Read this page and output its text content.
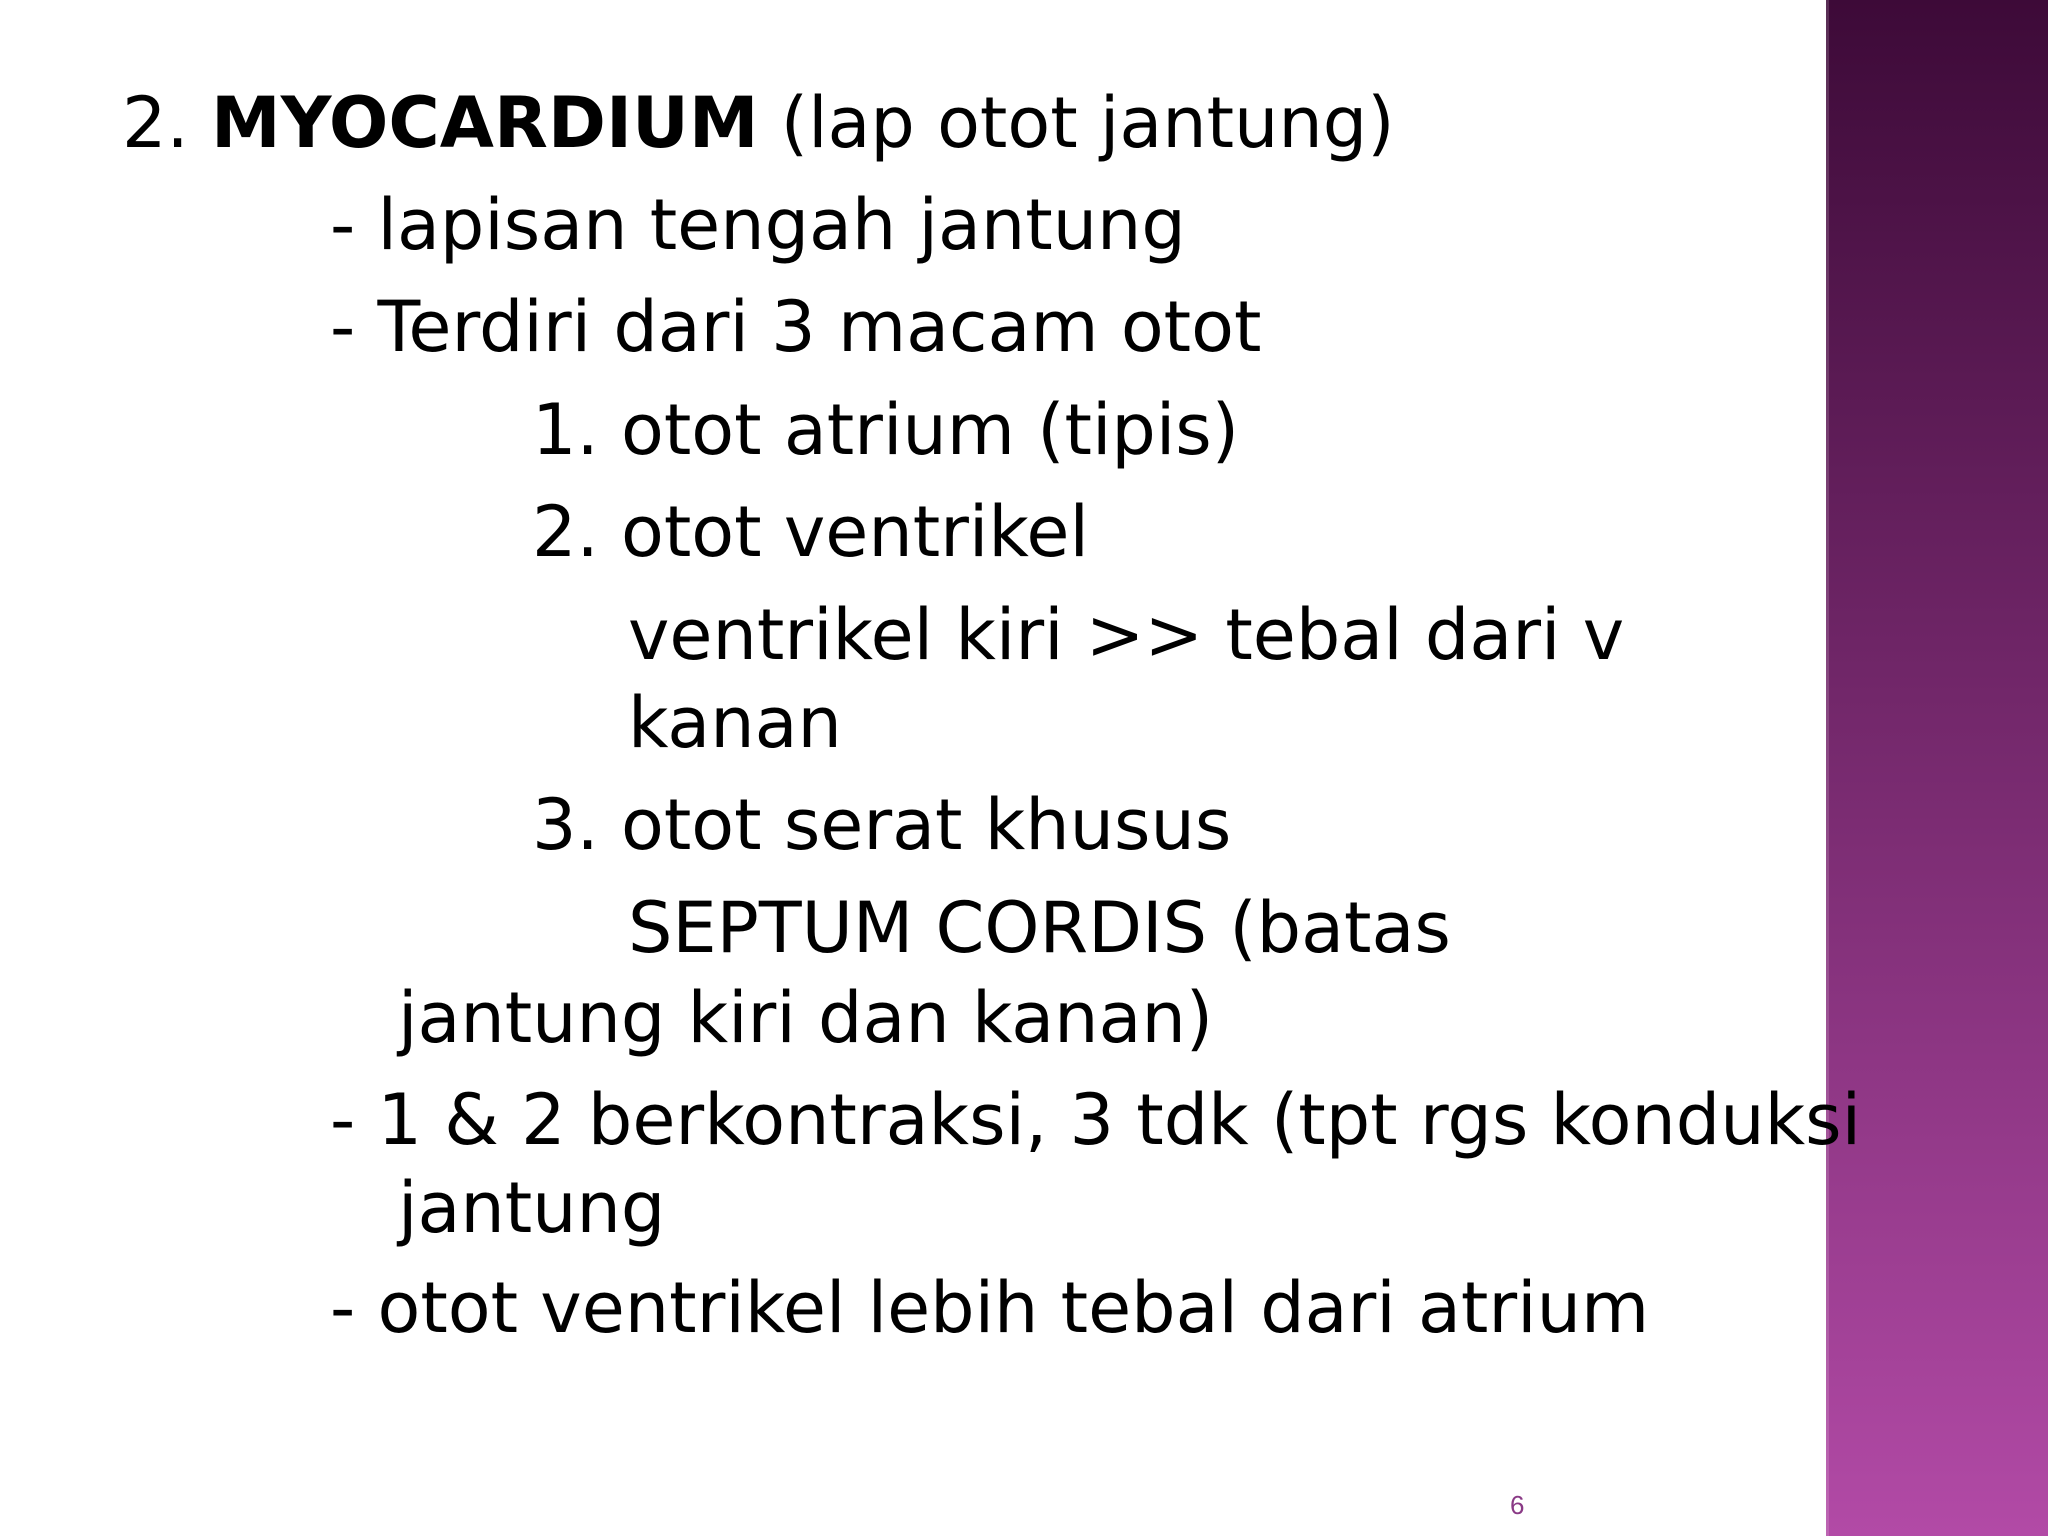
2. MYOCARDIUM (lap otot jantung)
- lapisan tengah jantung
- Terdiri dari 3 macam otot
1. otot atrium (tipis)
2. otot ventrikel
ventrikel kiri >> tebal dari v
kanan
3. otot serat khusus
SEPTUM CORDIS (batas
jantung kiri dan kanan)
- 1 & 2 berkontraksi, 3 tdk (tpt rgs konduksi
jantung
- otot ventrikel lebih tebal dari atrium
6
